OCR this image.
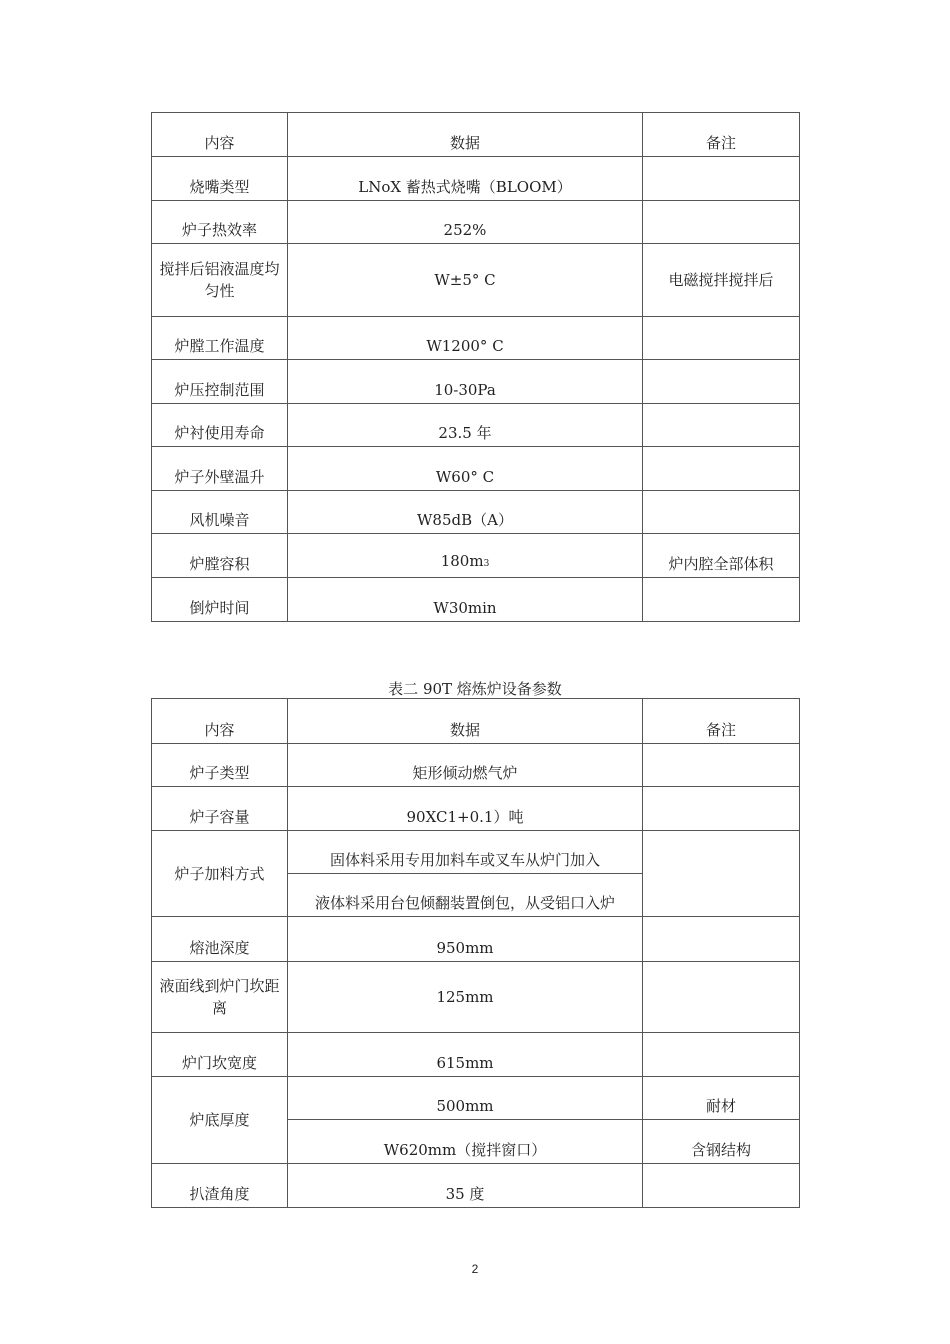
内容	数据	备注
烧嘴类型	LNoX 蓄热式烧嘴（BLOOM）	
炉子热效率	252%	
搅拌后铝液温度均匀性	W±5° C	电磁搅拌搅拌后
炉膛工作温度	W1200° C	
炉压控制范围	10-30Pa	
炉衬使用寿命	23.5 年	
炉子外壁温升	W60° C	
风机噪音	W85dB（A）	
炉膛容积	180m3	炉内腔全部体积
倒炉时间	W30min	
表二 90T 熔炼炉设备参数
内容	数据	备注
炉子类型	矩形倾动燃气炉	
炉子容量	90XC1+0.1）吨	
炉子加料方式	固体料采用专用加料车或叉车从炉门加入	
	液体料采用台包倾翻装置倒包，从受铝口入炉	
熔池深度	950mm	
液面线到炉门坎距离	125mm	
炉门坎宽度	615mm	
炉底厚度	500mm	耐材
	W620mm（搅拌窗口）	含钢结构
扒渣角度	35 度	
2
